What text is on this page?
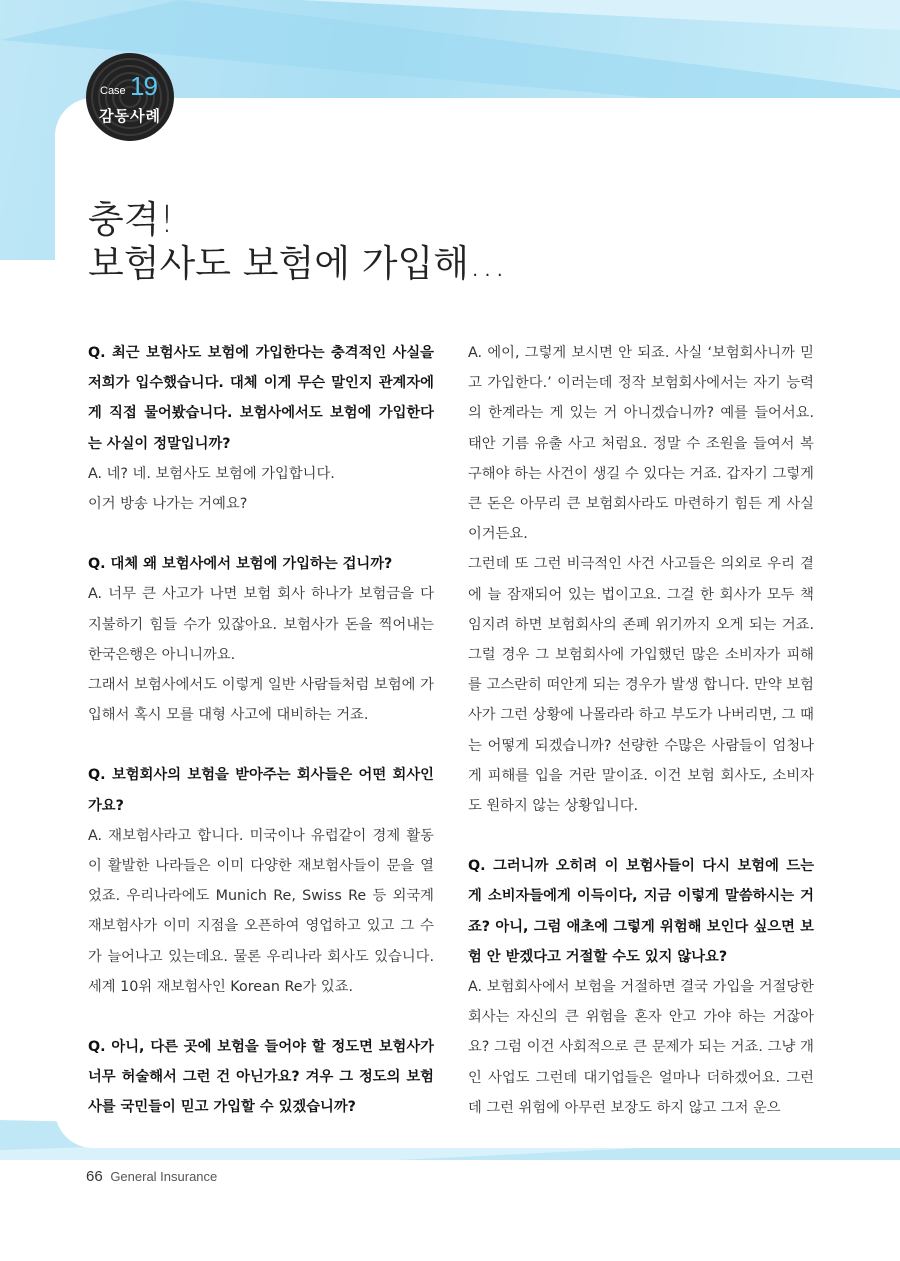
Case 19
감동사례
충격!
보험사도 보험에 가입해…

Q. 최근 보험사도 보험에 가입한다는 충격적인 사실을 저희가 입수했습니다. 대체 이게 무슨 말인지 관계자에게 직접 물어봤습니다. 보험사에서도 보험에 가입한다는 사실이 정말입니까?

A. 네? 네. 보험사도 보험에 가입합니다.

이거 방송 나가는 거예요?

Q. 대체 왜 보험사에서 보험에 가입하는 겁니까?

A. 너무 큰 사고가 나면 보험 회사 하나가 보험금을 다 지불하기 힘들 수가 있잖아요. 보험사가 돈을 찍어내는 한국은행은 아니니까요.

그래서 보험사에서도 이렇게 일반 사람들처럼 보험에 가입해서 혹시 모를 대형 사고에 대비하는 거죠.

Q. 보험회사의 보험을 받아주는 회사들은 어떤 회사인가요?

A. 재보험사라고 합니다. 미국이나 유럽같이 경제 활동이 활발한 나라들은 이미 다양한 재보험사들이 문을 열었죠. 우리나라에도 Munich Re, Swiss Re 등 외국계 재보험사가 이미 지점을 오픈하여 영업하고 있고 그 수가 늘어나고 있는데요. 물론 우리나라 회사도 있습니다. 세계 10위 재보험사인 Korean Re가 있죠.

Q. 아니, 다른 곳에 보험을 들어야 할 정도면 보험사가 너무 허술해서 그런 건 아닌가요? 겨우 그 정도의 보험사를 국민들이 믿고 가입할 수 있겠습니까?

A. 에이, 그렇게 보시면 안 되죠. 사실 ‘보험회사니까 믿고 가입한다.’ 이러는데 정작 보험회사에서는 자기 능력의 한계라는 게 있는 거 아니겠습니까? 예를 들어서요. 태안 기름 유출 사고 처럼요. 정말 수 조원을 들여서 복구해야 하는 사건이 생길 수 있다는 거죠. 갑자기 그렇게 큰 돈은 아무리 큰 보험회사라도 마련하기 힘든 게 사실이거든요.

그런데 또 그런 비극적인 사건 사고들은 의외로 우리 곁에 늘 잠재되어 있는 법이고요. 그걸 한 회사가 모두 책임지려 하면 보험회사의 존폐 위기까지 오게 되는 거죠. 그럴 경우 그 보험회사에 가입했던 많은 소비자가 피해를 고스란히 떠안게 되는 경우가 발생 합니다. 만약 보험사가 그런 상황에 나몰라라 하고 부도가 나버리면, 그 때는 어떻게 되겠습니까? 선량한 수많은 사람들이 엄청나게 피해를 입을 거란 말이죠. 이건 보험 회사도, 소비자도 원하지 않는 상황입니다.

Q. 그러니까 오히려 이 보험사들이 다시 보험에 드는 게 소비자들에게 이득이다, 지금 이렇게 말씀하시는 거죠? 아니, 그럼 애초에 그렇게 위험해 보인다 싶으면 보험 안 받겠다고 거절할 수도 있지 않나요?

A. 보험회사에서 보험을 거절하면 결국 가입을 거절당한 회사는 자신의 큰 위험을 혼자 안고 가야 하는 거잖아요? 그럼 이건 사회적으로 큰 문제가 되는 거죠. 그냥 개인 사업도 그런데 대기업들은 얼마나 더하겠어요. 그런데 그런 위험에 아무런 보장도 하지 않고 그저 운으

66 General Insurance
